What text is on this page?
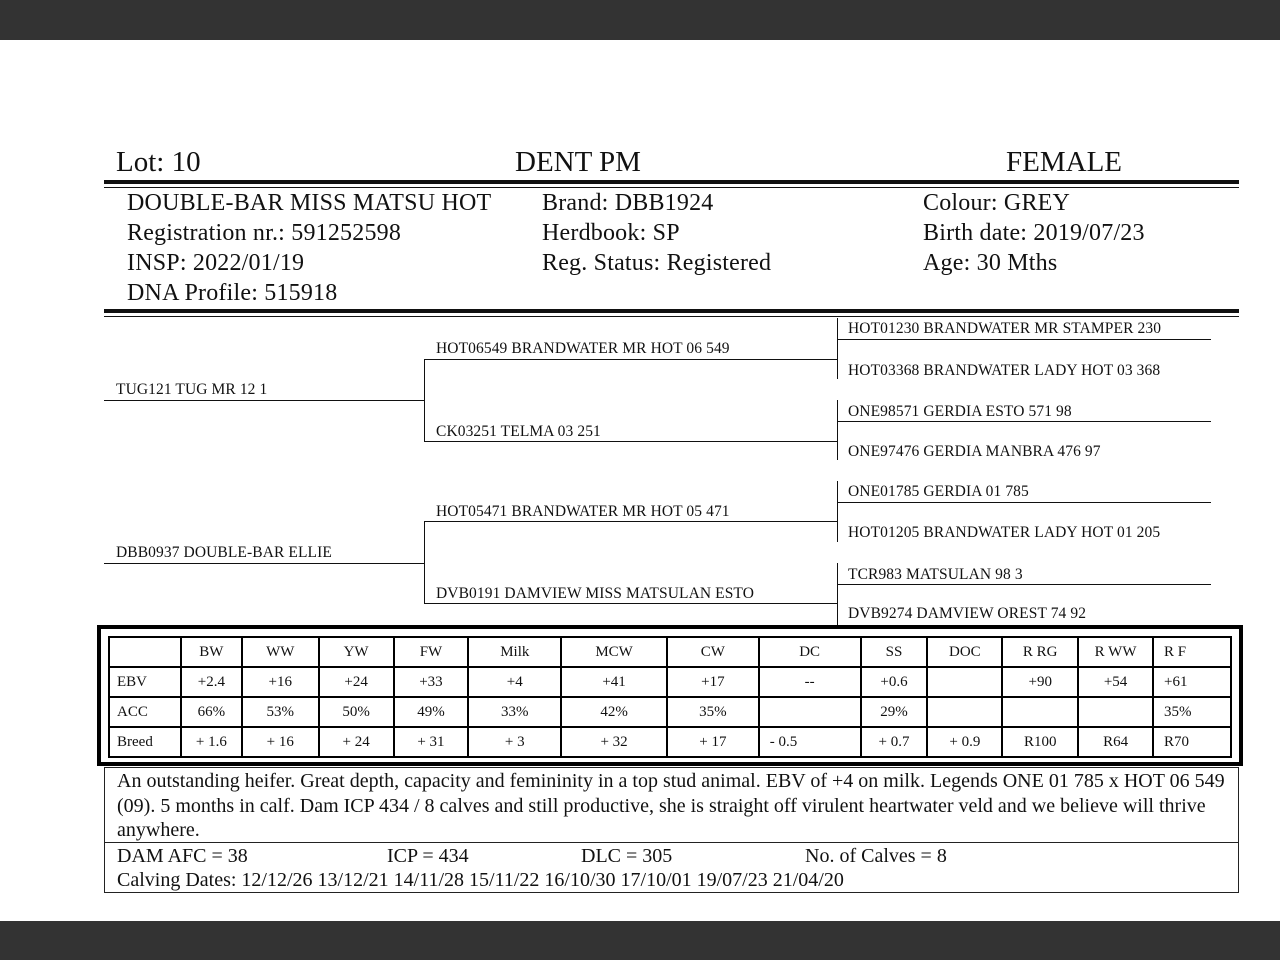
Lot: 10	DENT PM	FEMALE
DOUBLE-BAR MISS MATSU HOT
Registration nr.: 591252598
INSP: 2022/01/19
DNA Profile: 515918
Brand: DBB1924
Herdbook: SP
Reg. Status: Registered
Colour: GREY
Birth date: 2019/07/23
Age: 30 Mths
TUG121 TUG MR 12 1
DBB0937 DOUBLE-BAR ELLIE
HOT06549 BRANDWATER MR HOT 06 549
CK03251 TELMA 03 251
HOT05471 BRANDWATER MR HOT 05 471
DVB0191 DAMVIEW MISS MATSULAN ESTO
HOT01230 BRANDWATER MR STAMPER 230
HOT03368 BRANDWATER LADY HOT 03 368
ONE98571 GERDIA ESTO 571 98
ONE97476 GERDIA MANBRA 476 97
ONE01785 GERDIA 01 785
HOT01205 BRANDWATER LADY HOT 01 205
TCR983 MATSULAN 98 3
DVB9274 DAMVIEW OREST 74 92
	BW	WW	YW	FW	Milk	MCW	CW	DC	SS	DOC	R RG	R WW	R F
EBV	+2.4	+16	+24	+33	+4	+41	+17	--	+0.6		+90	+54	+61
ACC	66%	53%	50%	49%	33%	42%	35%		29%				35%
Breed	+ 1.6	+ 16	+ 24	+ 31	+ 3	+ 32	+ 17	- 0.5	+ 0.7	+ 0.9	R100	R64	R70
An outstanding heifer. Great depth, capacity and femininity in a top stud animal. EBV of +4 on milk. Legends ONE 01 785 x HOT 06 549 (09). 5 months in calf. Dam ICP 434 / 8 calves and still productive, she is straight off virulent heartwater veld and we believe will thrive anywhere.
DAM AFC = 38	ICP = 434	DLC = 305	No. of Calves = 8
Calving Dates: 12/12/26 13/12/21 14/11/28 15/11/22 16/10/30 17/10/01 19/07/23 21/04/20
